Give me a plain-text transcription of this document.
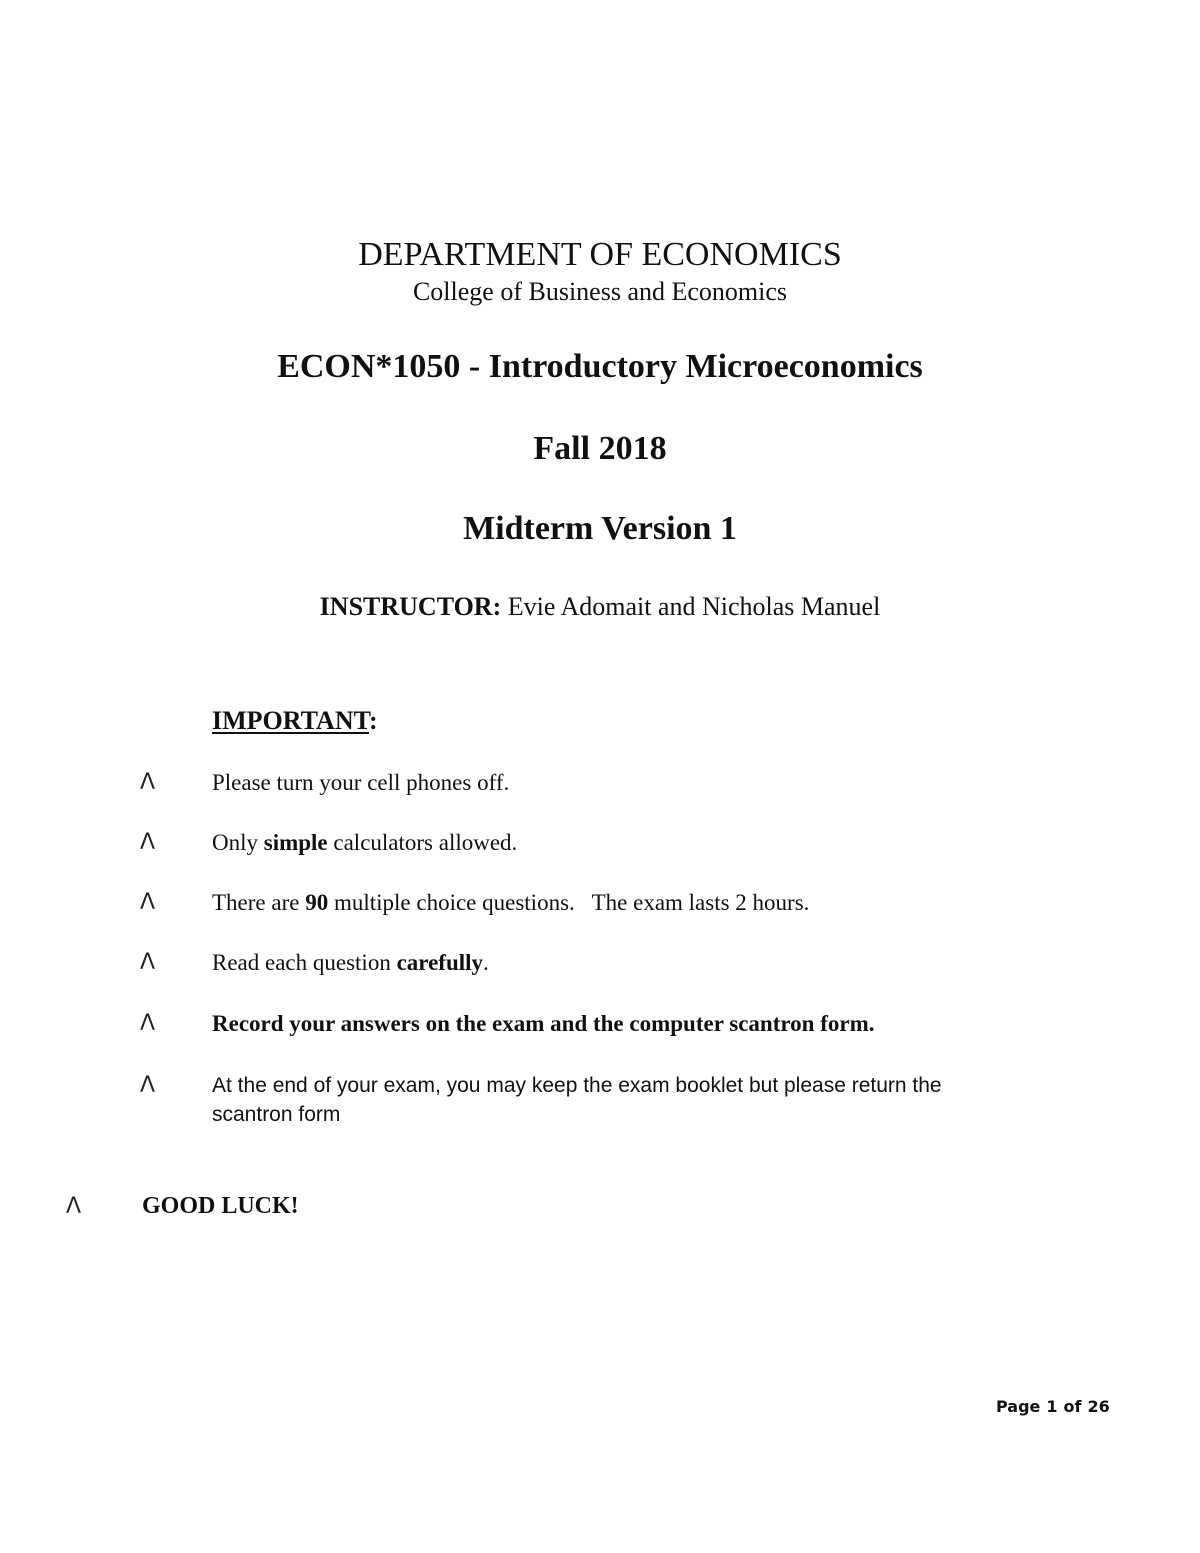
DEPARTMENT OF ECONOMICS
College of Business and Economics
ECON*1050 - Introductory Microeconomics
Fall 2018
Midterm Version 1
INSTRUCTOR: Evie Adomait and Nicholas Manuel
IMPORTANT:
Λ Please turn your cell phones off.
Λ Only simple calculators allowed.
Λ There are 90 multiple choice questions.   The exam lasts 2 hours.
Λ Read each question carefully.
Λ Record your answers on the exam and the computer scantron form.
Λ	At the end of your exam, you may keep the exam booklet but please return the scantron form
Λ	GOOD LUCK!
Page 1 of 26
